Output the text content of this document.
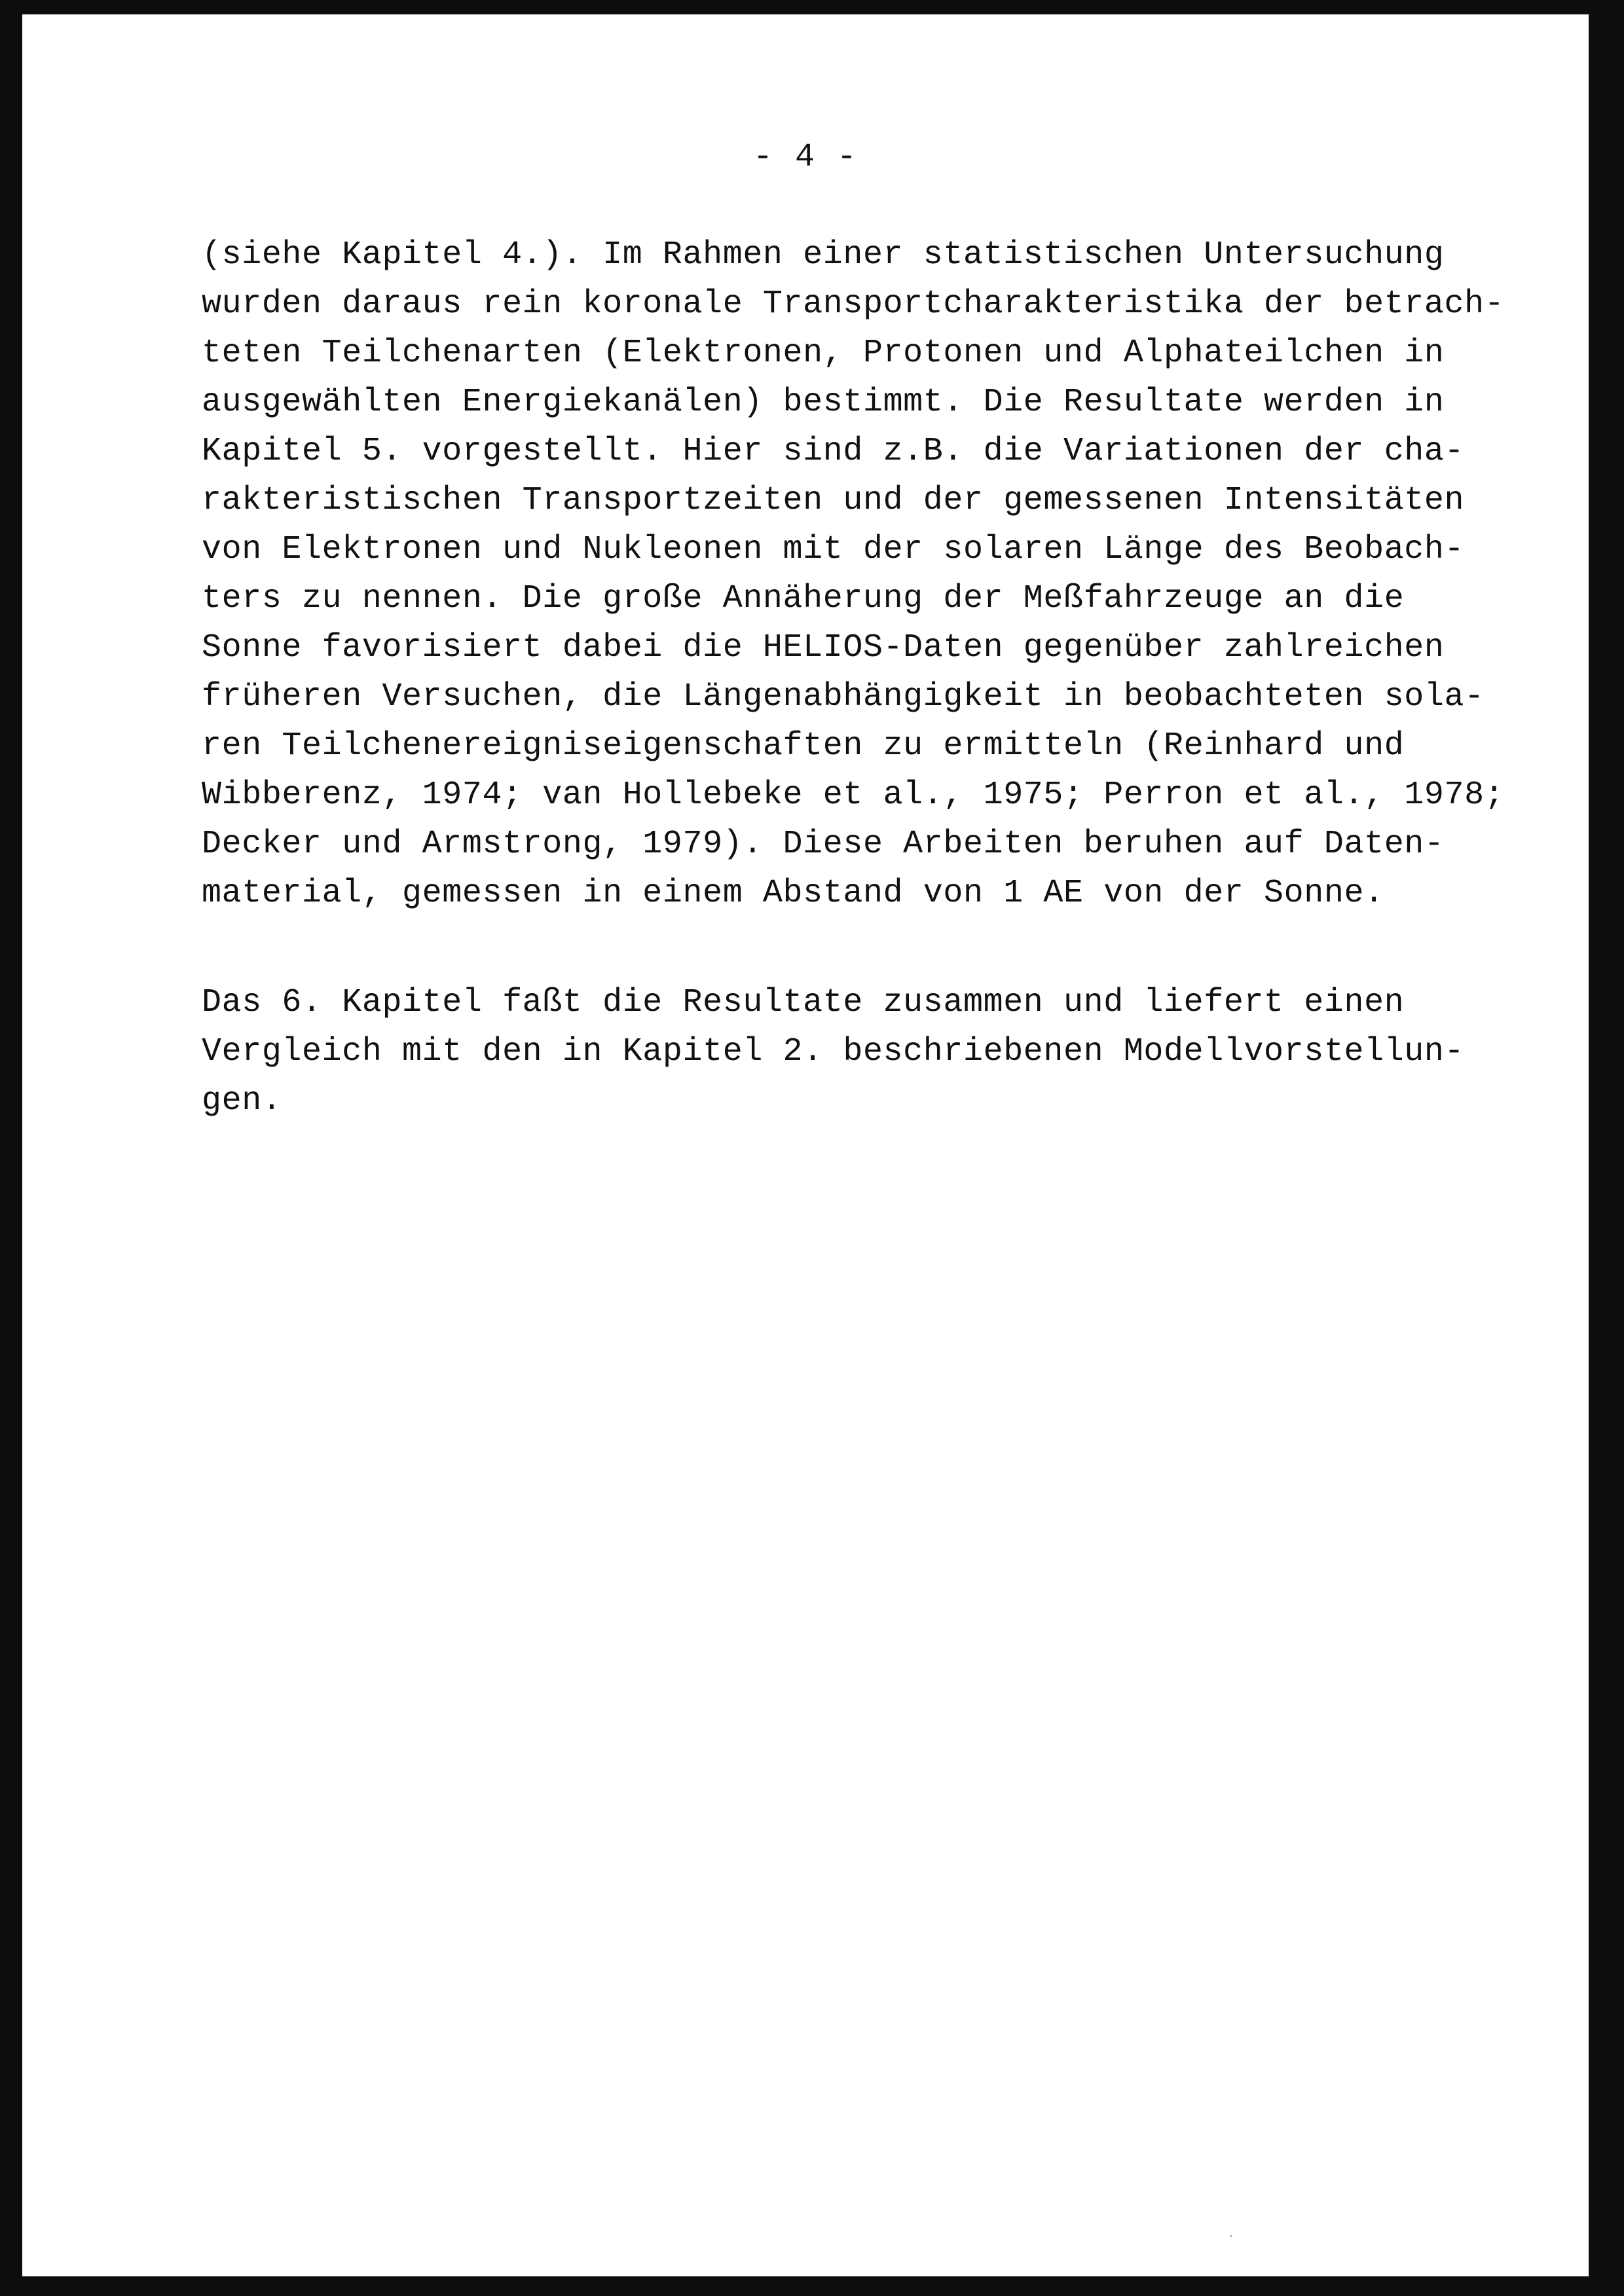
- 4 -
(siehe Kapitel 4.). Im Rahmen einer statistischen Untersuchung
wurden daraus rein koronale Transportcharakteristika der betrach-
teten Teilchenarten (Elektronen, Protonen und Alphateilchen in
ausgewählten Energiekanälen) bestimmt. Die Resultate werden in
Kapitel 5. vorgestellt. Hier sind z.B. die Variationen der cha-
rakteristischen Transportzeiten und der gemessenen Intensitäten
von Elektronen und Nukleonen mit der solaren Länge des Beobach-
ters zu nennen. Die große Annäherung der Meßfahrzeuge an die
Sonne favorisiert dabei die HELIOS-Daten gegenüber zahlreichen
früheren Versuchen, die Längenabhängigkeit in beobachteten sola-
ren Teilchenereigniseigenschaften zu ermitteln (Reinhard und
Wibberenz, 1974; van Hollebeke et al., 1975; Perron et al., 1978;
Decker und Armstrong, 1979). Diese Arbeiten beruhen auf Daten-
material, gemessen in einem Abstand von 1 AE von der Sonne.
Das 6. Kapitel faßt die Resultate zusammen und liefert einen
Vergleich mit den in Kapitel 2. beschriebenen Modellvorstellun-
gen.
